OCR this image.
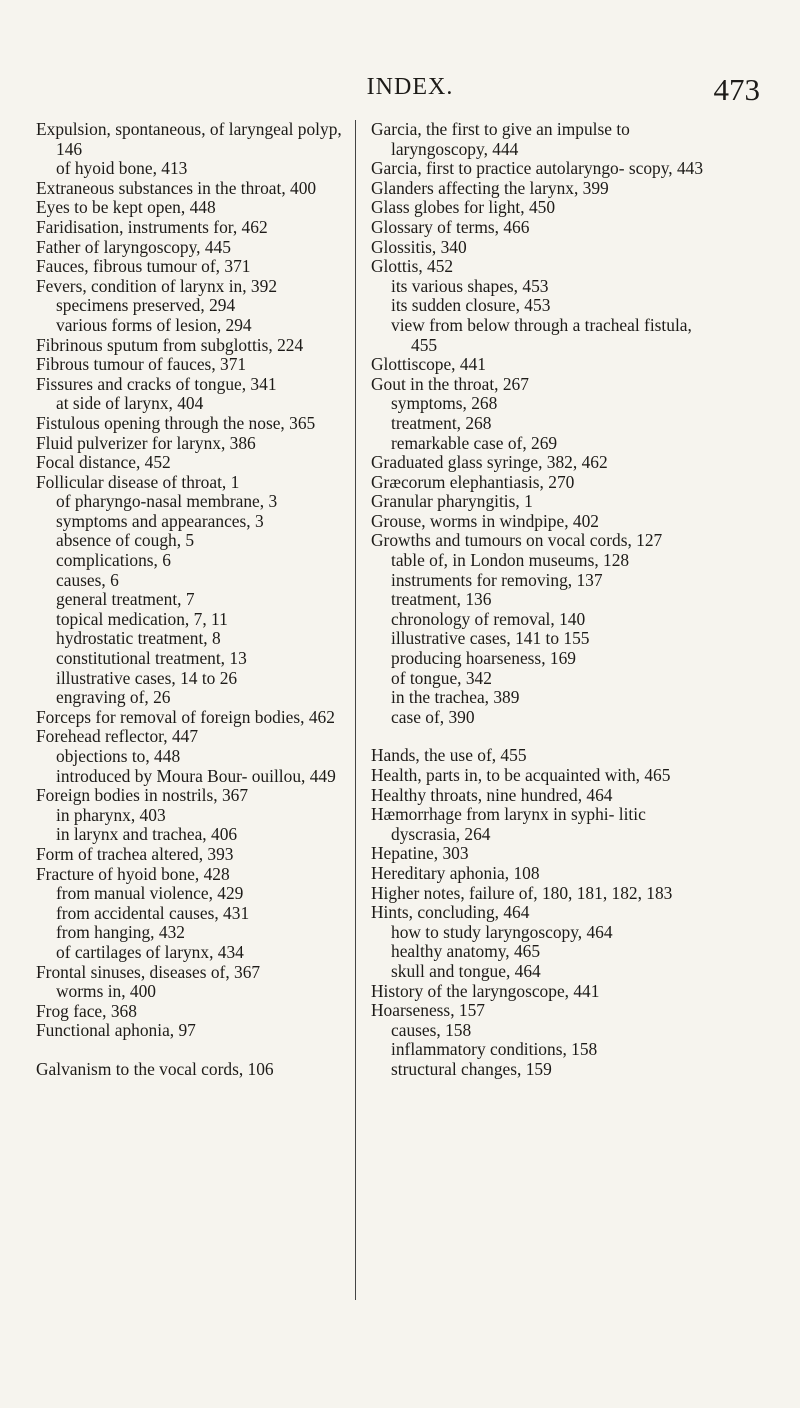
INDEX.	473
Expulsion, spontaneous, of laryngeal polyp, 146
of hyoid bone, 413
Extraneous substances in the throat, 400
Eyes to be kept open, 448
Faridisation, instruments for, 462
Father of laryngoscopy, 445
Fauces, fibrous tumour of, 371
Fevers, condition of larynx in, 392
specimens preserved, 294
various forms of lesion, 294
Fibrinous sputum from subglottis, 224
Fibrous tumour of fauces, 371
Fissures and cracks of tongue, 341
at side of larynx, 404
Fistulous opening through the nose, 365
Fluid pulverizer for larynx, 386
Focal distance, 452
Follicular disease of throat, 1
of pharyngo-nasal membrane, 3
symptoms and appearances, 3
absence of cough, 5
complications, 6
causes, 6
general treatment, 7
topical medication, 7, 11
hydrostatic treatment, 8
constitutional treatment, 13
illustrative cases, 14 to 26
engraving of, 26
Forceps for removal of foreign bodies, 462
Forehead reflector, 447
objections to, 448
introduced by Moura Bour- ouillou, 449
Foreign bodies in nostrils, 367
in pharynx, 403
in larynx and trachea, 406
Form of trachea altered, 393
Fracture of hyoid bone, 428
from manual violence, 429
from accidental causes, 431
from hanging, 432
of cartilages of larynx, 434
Frontal sinuses, diseases of, 367
worms in, 400
Frog face, 368
Functional aphonia, 97
Galvanism to the vocal cords, 106
Garcia, the first to give an impulse to laryngoscopy, 444
Garcia, first to practice autolaryngo- scopy, 443
Glanders affecting the larynx, 399
Glass globes for light, 450
Glossary of terms, 466
Glossitis, 340
Glottis, 452
its various shapes, 453
its sudden closure, 453
view from below through a tracheal fistula, 455
Glottiscope, 441
Gout in the throat, 267
symptoms, 268
treatment, 268
remarkable case of, 269
Graduated glass syringe, 382, 462
Græcorum elephantiasis, 270
Granular pharyngitis, 1
Grouse, worms in windpipe, 402
Growths and tumours on vocal cords, 127
table of, in London museums, 128
instruments for removing, 137
treatment, 136
chronology of removal, 140
illustrative cases, 141 to 155
producing hoarseness, 169
of tongue, 342
in the trachea, 389
case of, 390
Hands, the use of, 455
Health, parts in, to be acquainted with, 465
Healthy throats, nine hundred, 464
Hæmorrhage from larynx in syphi- litic dyscrasia, 264
Hepatine, 303
Hereditary aphonia, 108
Higher notes, failure of, 180, 181, 182, 183
Hints, concluding, 464
how to study laryngoscopy, 464
healthy anatomy, 465
skull and tongue, 464
History of the laryngoscope, 441
Hoarseness, 157
causes, 158
inflammatory conditions, 158
structural changes, 159
